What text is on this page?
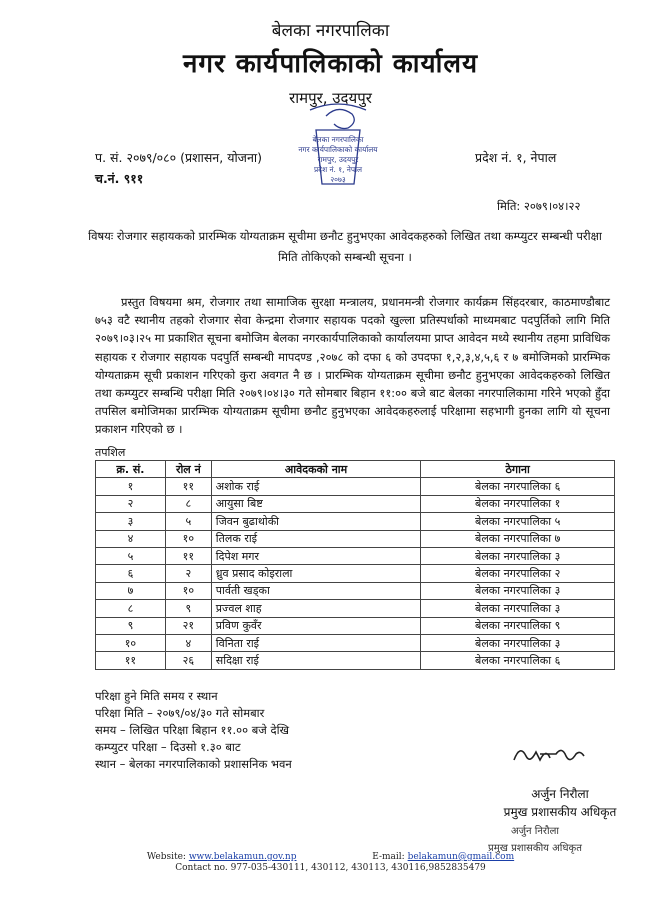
बेलका नगरपालिका
नगर कार्यपालिकाको कार्यालय
रामपुर, उदयपुर
बेलका नगरपालिका
नगर कार्यपालिकाको कार्यालय
रामपुर, उदयपुर
प्रदेश नं. १, नेपाल
२०७३
प. सं. २०७९/०८० (प्रशासन, योजना)
च.नं. ९११
प्रदेश नं. १, नेपाल
मिति: २०७९।०४।२२
विषयः रोजगार सहायकको प्रारम्भिक योग्यताक्रम सूचीमा छनौट हुनुभएका आवेदकहरुको लिखित तथा कम्प्युटर सम्बन्धी परीक्षा मिति तोकिएको सम्बन्धी सूचना ।
प्रस्तुत विषयमा श्रम, रोजगार तथा सामाजिक सुरक्षा मन्त्रालय, प्रधानमन्त्री रोजगार कार्यक्रम सिंहदरबार, काठमाण्डौबाट ७५३ वटै स्थानीय तहको रोजगार सेवा केन्द्रमा रोजगार सहायक पदको खुल्ला प्रतिस्पर्धाको माध्यमबाट पदपुर्तिको लागि मिति २०७९।०३।२५ मा प्रकाशित सूचना बमोजिम बेलका नगरकार्यपालिकाको कार्यालयमा प्राप्त आवेदन मध्ये स्थानीय तहमा प्राविधिक सहायक र रोजगार सहायक पदपुर्ति सम्बन्धी मापदण्ड ,२०७८ को दफा ६ को उपदफा १,२,३,४,५,६ र ७ बमोजिमको प्रारम्भिक योग्यताक्रम सूची प्रकाशन गरिएको कुरा अवगत नै छ । प्रारम्भिक योग्यताक्रम सूचीमा छनौट हुनुभएका आवेदकहरुको लिखित तथा कम्प्युटर सम्बन्धि परीक्षा मिति २०७९।०४।३० गते सोमबार बिहान ११:०० बजे बाट बेलका नगरपालिकामा गरिने भएको हुँदा तपसिल बमोजिमका प्रारम्भिक योग्यताक्रम सूचीमा छनौट हुनुभएका आवेदकहरुलाई परिक्षामा सहभागी हुनका लागि यो सूचना प्रकाशन गरिएको छ ।
तपशिल
क्र. सं.	रोल नं	आवेदकको नाम	ठेगाना
१	११	अशोक राई	बेलका नगरपालिका ६
२	८	आयुसा बिष्ट	बेलका नगरपालिका १
३	५	जिवन बुढाथोकी	बेलका नगरपालिका ५
४	१०	तिलक राई	बेलका नगरपालिका ७
५	११	दिपेश मगर	बेलका नगरपालिका ३
६	२	ध्रुव प्रसाद कोइराला	बेलका नगरपालिका २
७	१०	पार्वती खड्का	बेलका नगरपालिका ३
८	९	प्रज्वल शाह	बेलका नगरपालिका ३
९	२१	प्रविण कुवँर	बेलका नगरपालिका ९
१०	४	विनिता राई	बेलका नगरपालिका ३
११	२६	सदिक्षा राई	बेलका नगरपालिका ६
परिक्षा हुने मिति समय र स्थान
परिक्षा मिति – २०७९/०४/३० गते सोमबार
समय – लिखित परिक्षा बिहान ११.०० बजे देखि
कम्प्युटर परिक्षा – दिउसो १.३० बाट
स्थान – बेलका नगरपालिकाको प्रशासनिक भवन
अर्जुन निरौला
प्रमुख प्रशासकीय अधिकृत
अर्जुन निरौला
प्रमुख प्रशासकीय अधिकृत
Website: www.belakamun.gov.np	E-mail: belakamun@gmail.com
Contact no. 977-035-430111, 430112, 430113, 430116,9852835479
